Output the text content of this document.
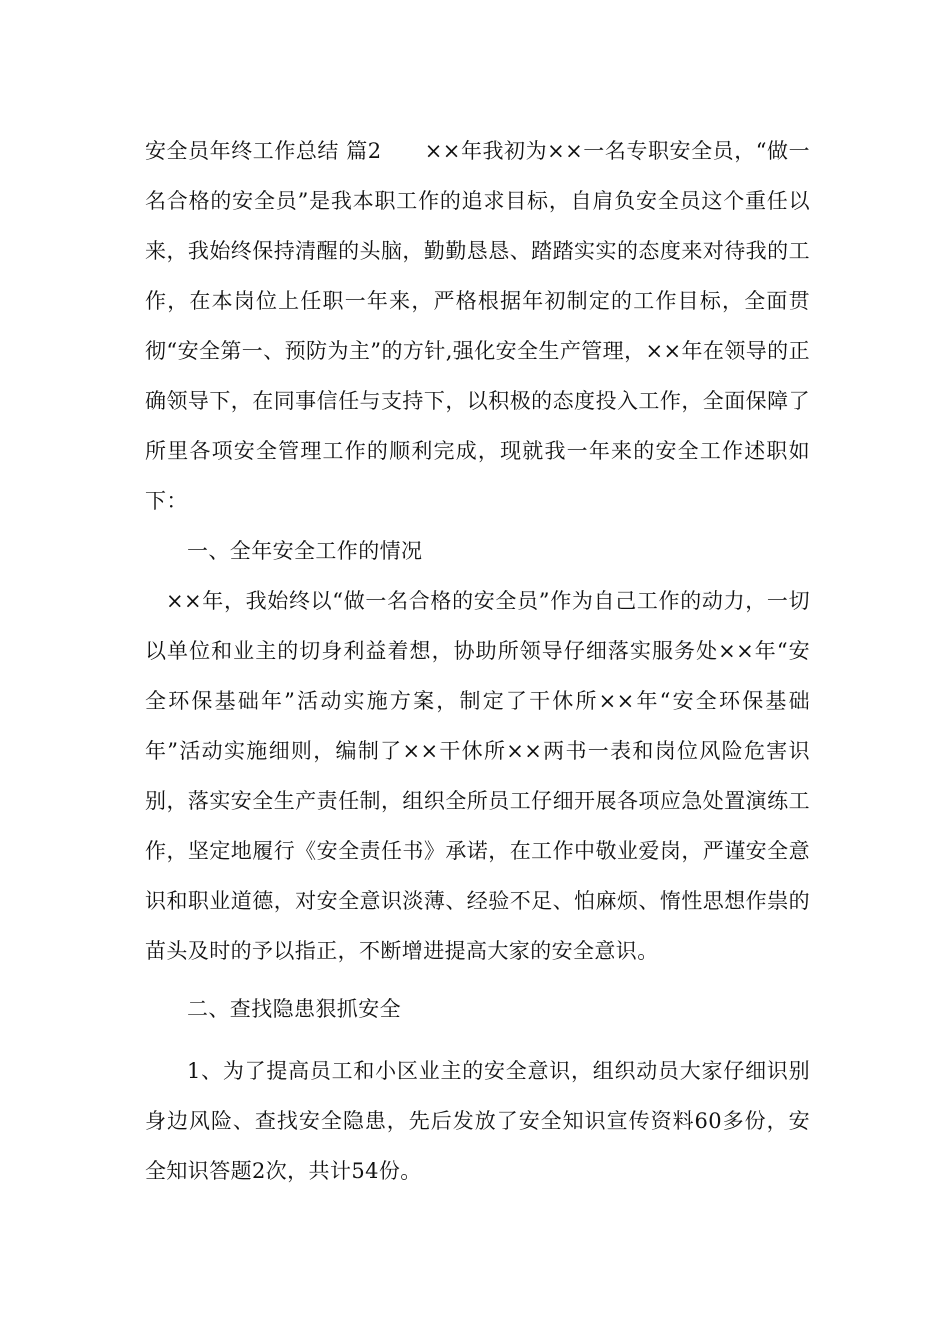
安全员年终工作总结 篇2　　××年我初为××一名专职安全员，“做一名合格的安全员”是我本职工作的追求目标，自肩负安全员这个重任以来，我始终保持清醒的头脑，勤勤恳恳、踏踏实实的态度来对待我的工作，在本岗位上任职一年来，严格根据年初制定的工作目标，全面贯彻“安全第一、预防为主”的方针,强化安全生产管理，××年在领导的正确领导下，在同事信任与支持下，以积极的态度投入工作，全面保障了所里各项安全管理工作的顺利完成，现就我一年来的安全工作述职如下：

一、全年安全工作的情况

××年，我始终以“做一名合格的安全员”作为自己工作的动力，一切以单位和业主的切身利益着想，协助所领导仔细落实服务处××年“安全环保基础年”活动实施方案，制定了干休所××年“安全环保基础年”活动实施细则，编制了××干休所××两书一表和岗位风险危害识别，落实安全生产责任制，组织全所员工仔细开展各项应急处置演练工作，坚定地履行《安全责任书》承诺，在工作中敬业爱岗，严谨安全意识和职业道德，对安全意识淡薄、经验不足、怕麻烦、惰性思想作祟的苗头及时的予以指正，不断增进提高大家的安全意识。

二、查找隐患狠抓安全

1、为了提高员工和小区业主的安全意识，组织动员大家仔细识别身边风险、查找安全隐患，先后发放了安全知识宣传资料60多份，安全知识答题2次，共计54份。
